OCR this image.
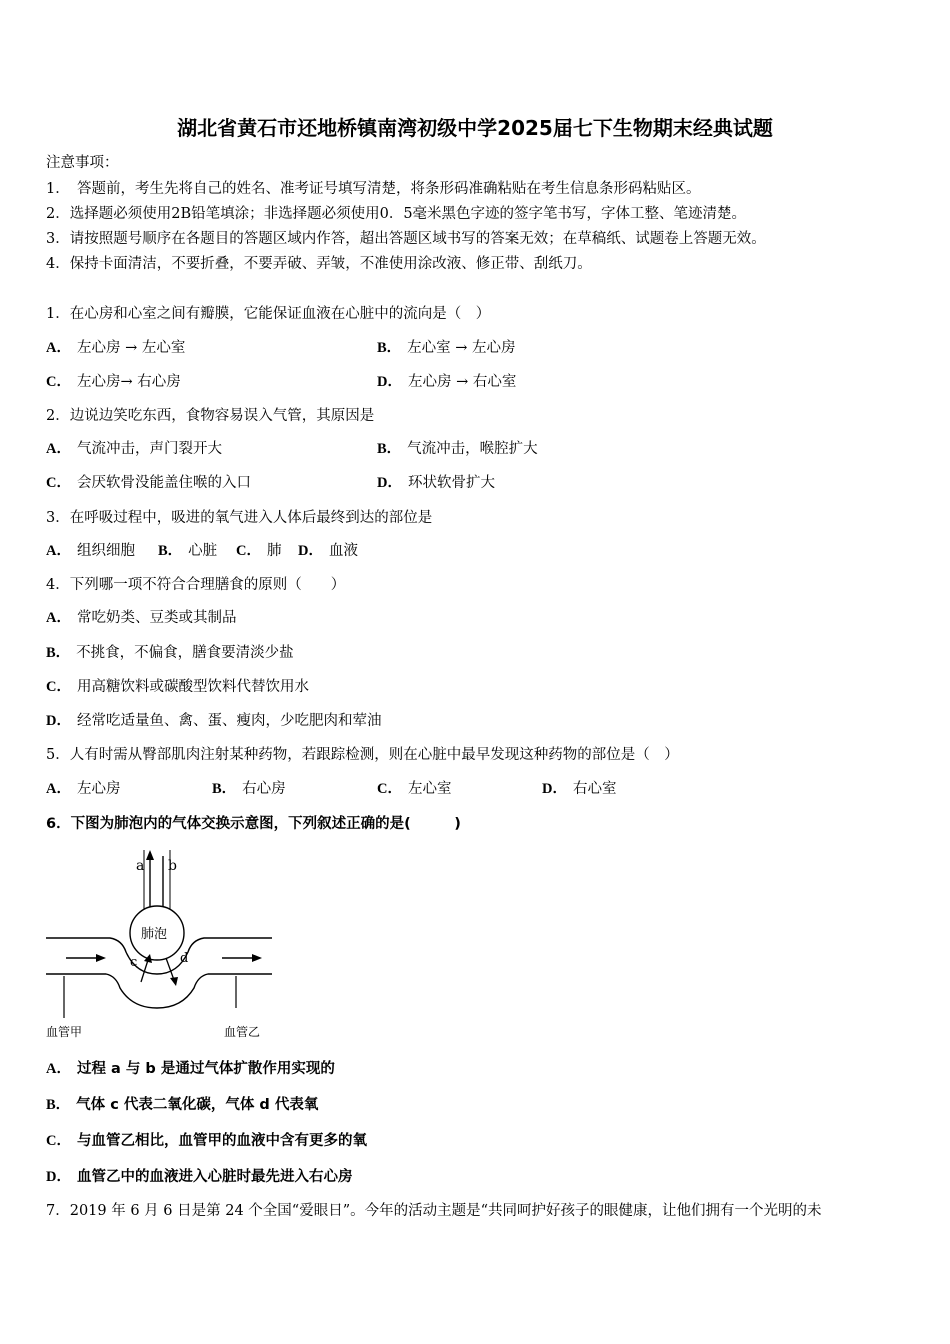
湖北省黄石市还地桥镇南湾初级中学2025届七下生物期末经典试题
注意事项：
1．　答题前，考生先将自己的姓名、准考证号填写清楚，将条形码准确粘贴在考生信息条形码粘贴区。
2．选择题必须使用2B铅笔填涂；非选择题必须使用0．5毫米黑色字迹的签字笔书写，字体工整、笔迹清楚。
3．请按照题号顺序在各题目的答题区域内作答，超出答题区域书写的答案无效；在草稿纸、试题卷上答题无效。
4．保持卡面清洁，不要折叠，不要弄破、弄皱，不准使用涂改液、修正带、刮纸刀。
1．在心房和心室之间有瓣膜，它能保证血液在心脏中的流向是（　）
A． 左心房 → 左心室	B． 左心室 → 左心房
C． 左心房→ 右心房	D． 左心房 → 右心室
2．边说边笑吃东西，食物容易误入气管，其原因是
A． 气流冲击，声门裂开大	B． 气流冲击，喉腔扩大
C． 会厌软骨没能盖住喉的入口	D． 环状软骨扩大
3．在呼吸过程中，吸进的氧气进入人体后最终到达的部位是
A． 组织细胞 B． 心脏 C． 肺 D． 血液
4．下列哪一项不符合合理膳食的原则（　　）
A． 常吃奶类、豆类或其制品
B． 不挑食，不偏食，膳食要清淡少盐
C． 用高糖饮料或碳酸型饮料代替饮用水
D． 经常吃适量鱼、禽、蛋、瘦肉，少吃肥肉和荤油
5．人有时需从臀部肌肉注射某种药物，若跟踪检测，则在心脏中最早发现这种药物的部位是（　）
A． 左心房	B． 右心房	C． 左心室	D． 右心室
6．下图为肺泡内的气体交换示意图，下列叙述正确的是(　　　)
a b
肺泡
c	d
血管甲	血管乙
A． 过程 a 与 b 是通过气体扩散作用实现的
B． 气体 c 代表二氧化碳，气体 d 代表氧
C． 与血管乙相比，血管甲的血液中含有更多的氧
D． 血管乙中的血液进入心脏时最先进入右心房
7．2019 年 6 月 6 日是第 24 个全国“爱眼日”。今年的活动主题是“共同呵护好孩子的眼健康，让他们拥有一个光明的未
